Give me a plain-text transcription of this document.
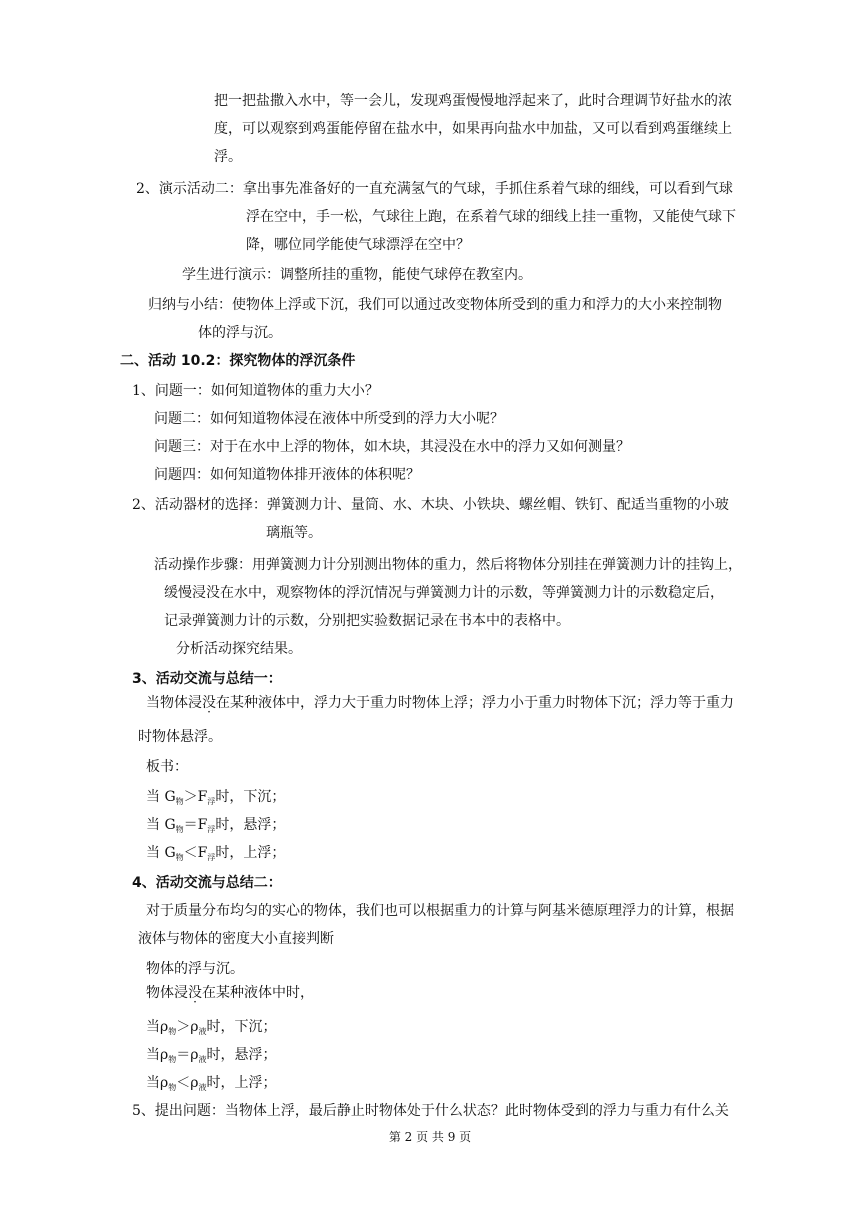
把一把盐撒入水中，等一会儿，发现鸡蛋慢慢地浮起来了，此时合理调节好盐水的浓
度，可以观察到鸡蛋能停留在盐水中，如果再向盐水中加盐，又可以看到鸡蛋继续上
浮。
2、演示活动二：拿出事先准备好的一直充满氢气的气球，手抓住系着气球的细线，可以看到气球
浮在空中，手一松，气球往上跑，在系着气球的细线上挂一重物，又能使气球下
降，哪位同学能使气球漂浮在空中？
学生进行演示：调整所挂的重物，能使气球停在教室内。
归纳与小结：使物体上浮或下沉，我们可以通过改变物体所受到的重力和浮力的大小来控制物
体的浮与沉。
二、活动 10.2：探究物体的浮沉条件
1、问题一：如何知道物体的重力大小？
问题二：如何知道物体浸在液体中所受到的浮力大小呢？
问题三：对于在水中上浮的物体，如木块，其浸没在水中的浮力又如何测量？
问题四：如何知道物体排开液体的体积呢？
2、活动器材的选择：弹簧测力计、量筒、水、木块、小铁块、螺丝帽、铁钉、配适当重物的小玻
璃瓶等。
活动操作步骤：用弹簧测力计分别测出物体的重力，然后将物体分别挂在弹簧测力计的挂钩上，
缓慢浸没在水中，观察物体的浮沉情况与弹簧测力计的示数，等弹簧测力计的示数稳定后，
记录弹簧测力计的示数，分别把实验数据记录在书本中的表格中。
分析活动探究结果。
3、活动交流与总结一：
当物体浸没在某种液体中，浮力大于重力时物体上浮；浮力小于重力时物体下沉；浮力等于重力
时物体悬浮。
板书：
当 $G_物>F_浮$时，下沉；
当 $G_物=F_浮$时，悬浮；
当 $G_物<F_浮$时，上浮；
4、活动交流与总结二：
对于质量分布均匀的实心的物体，我们也可以根据重力的计算与阿基米德原理浮力的计算，根据
液体与物体的密度大小直接判断
物体的浮与沉。
物体浸没在某种液体中时，
当$\rho_物>\rho_液$时，下沉；
当$\rho_物=\rho_液$时，悬浮；
当$\rho_物<\rho_液$时，上浮；
5、提出问题：当物体上浮，最后静止时物体处于什么状态？此时物体受到的浮力与重力有什么关
第 2 页 共 9 页
